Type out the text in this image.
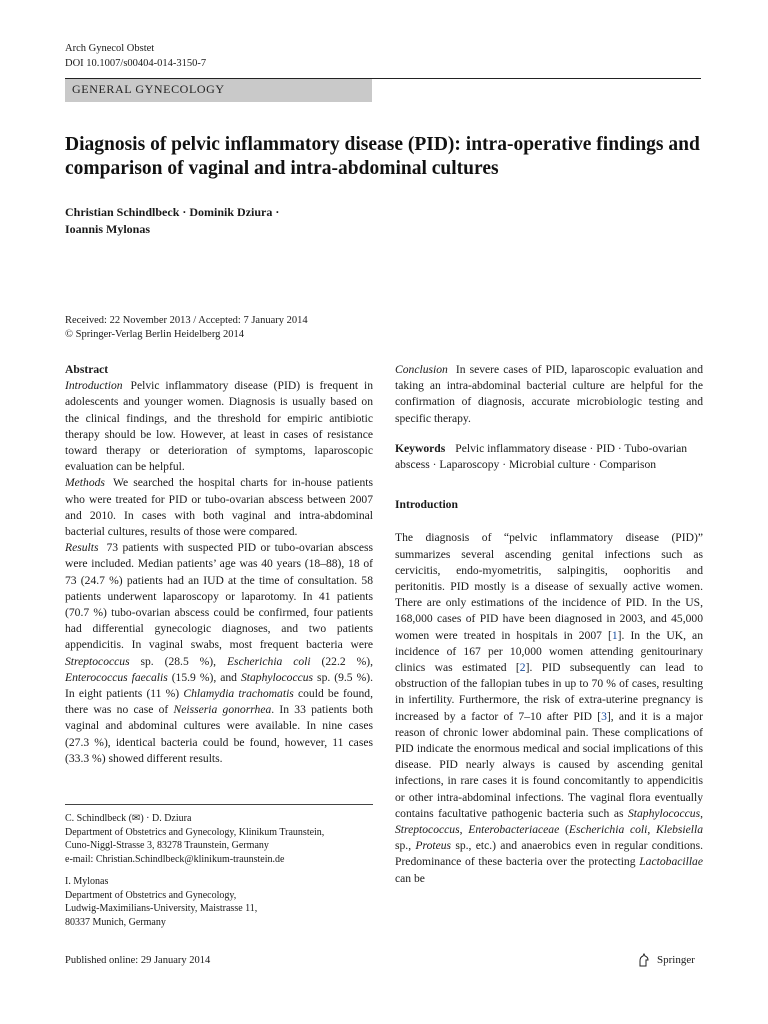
Arch Gynecol Obstet
DOI 10.1007/s00404-014-3150-7
GENERAL GYNECOLOGY
Diagnosis of pelvic inflammatory disease (PID): intra-operative findings and comparison of vaginal and intra-abdominal cultures
Christian Schindlbeck · Dominik Dziura ·
Ioannis Mylonas
Received: 22 November 2013 / Accepted: 7 January 2014
© Springer-Verlag Berlin Heidelberg 2014

Abstract

Introduction Pelvic inflammatory disease (PID) is frequent in adolescents and younger women. Diagnosis is usually based on the clinical findings, and the threshold for empiric antibiotic therapy should be low. However, at least in cases of resistance toward therapy or deterioration of symptoms, laparoscopic evaluation can be helpful.

Methods We searched the hospital charts for in-house patients who were treated for PID or tubo-ovarian abscess between 2007 and 2010. In cases with both vaginal and intra-abdominal bacterial cultures, results of those were compared.

Results 73 patients with suspected PID or tubo-ovarian abscess were included. Median patients’ age was 40 years (18–88), 18 of 73 (24.7 %) patients had an IUD at the time of consultation. 58 patients underwent laparoscopy or laparotomy. In 41 patients (70.7 %) tubo-ovarian abscess could be confirmed, four patients had differential gynecologic diagnoses, and two patients appendicitis. In vaginal swabs, most frequent bacteria were Streptococcus sp. (28.5 %), Escherichia coli (22.2 %), Enterococcus faecalis (15.9 %), and Staphylococcus sp. (9.5 %). In eight patients (11 %) Chlamydia trachomatis could be found, there was no case of Neisseria gonorrhea. In 33 patients both vaginal and abdominal cultures were available. In nine cases (27.3 %), identical bacteria could be found, however, 11 cases (33.3 %) showed different results.

Conclusion In severe cases of PID, laparoscopic evaluation and taking an intra-abdominal bacterial culture are helpful for the confirmation of diagnosis, accurate microbiologic testing and specific therapy.

Keywords Pelvic inflammatory disease · PID · Tubo-ovarian abscess · Laparoscopy · Microbial culture · Comparison

Introduction

The diagnosis of “pelvic inflammatory disease (PID)” summarizes several ascending genital infections such as cervicitis, endo-myometritis, salpingitis, oophoritis and peritonitis. PID mostly is a disease of sexually active women. There are only estimations of the incidence of PID. In the US, 168,000 cases of PID have been diagnosed in 2003, and 45,000 women were treated in hospitals in 2007 [1]. In the UK, an incidence of 167 per 10,000 women attending genitourinary clinics was estimated [2]. PID subsequently can lead to obstruction of the fallopian tubes in up to 70 % of cases, resulting in infertility. Furthermore, the risk of extra-uterine pregnancy is increased by a factor of 7–10 after PID [3], and it is a major reason of chronic lower abdominal pain. These complications of PID indicate the enormous medical and social implications of this disease. PID nearly always is caused by ascending genital infections, in rare cases it is found concomitantly to appendicitis or other intra-abdominal infections. The vaginal flora eventually contains facultative pathogenic bacteria such as Staphylococcus, Streptococcus, Enterobacteriaceae (Escherichia coli, Klebsiella sp., Proteus sp., etc.) and anaerobics even in regular conditions. Predominance of these bacteria over the protecting Lactobacillae can be

C. Schindlbeck (✉) · D. Dziura
Department of Obstetrics and Gynecology, Klinikum Traunstein,
Cuno-Niggl-Strasse 3, 83278 Traunstein, Germany
e-mail: Christian.Schindlbeck@klinikum-traunstein.de

I. Mylonas
Department of Obstetrics and Gynecology,
Ludwig-Maximilians-University, Maistrasse 11,
80337 Munich, Germany

Published online: 29 January 2014	Springer
